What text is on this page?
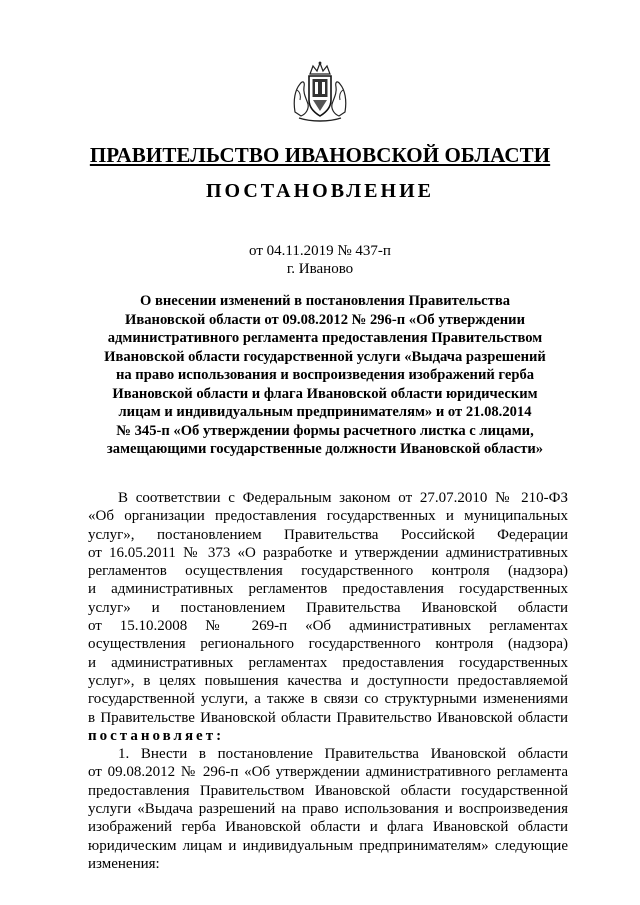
ПРАВИТЕЛЬСТВО ИВАНОВСКОЙ ОБЛАСТИ
ПОСТАНОВЛЕНИЕ
от 04.11.2019 № 437-п
г. Иваново
О внесении изменений в постановления Правительства
Ивановской области от 09.08.2012 № 296-п «Об утверждении
административного регламента предоставления Правительством
Ивановской области государственной услуги «Выдача разрешений
на право использования и воспроизведения изображений герба
Ивановской области и флага Ивановской области юридическим
лицам и индивидуальным предпринимателям» и от 21.08.2014
№ 345-п «Об утверждении формы расчетного листка с лицами,
замещающими государственные должности Ивановской области»
В соответствии с Федеральным законом от 27.07.2010 № 210-ФЗ
«Об организации предоставления государственных и муниципальных
услуг», постановлением Правительства Российской Федерации
от 16.05.2011 № 373 «О разработке и утверждении административных
регламентов осуществления государственного контроля (надзора)
и административных регламентов предоставления государственных
услуг» и постановлением Правительства Ивановской области
от 15.10.2008 № 269-п «Об административных регламентах
осуществления регионального государственного контроля (надзора)
и административных регламентах предоставления государственных
услуг», в целях повышения качества и доступности предоставляемой
государственной услуги, а также в связи со структурными изменениями
в Правительстве Ивановской области Правительство Ивановской области
постановляет:
1. Внести в постановление Правительства Ивановской области
от 09.08.2012 № 296-п «Об утверждении административного регламента
предоставления Правительством Ивановской области государственной
услуги «Выдача разрешений на право использования и воспроизведения
изображений герба Ивановской области и флага Ивановской области
юридическим лицам и индивидуальным предпринимателям» следующие
изменения:
